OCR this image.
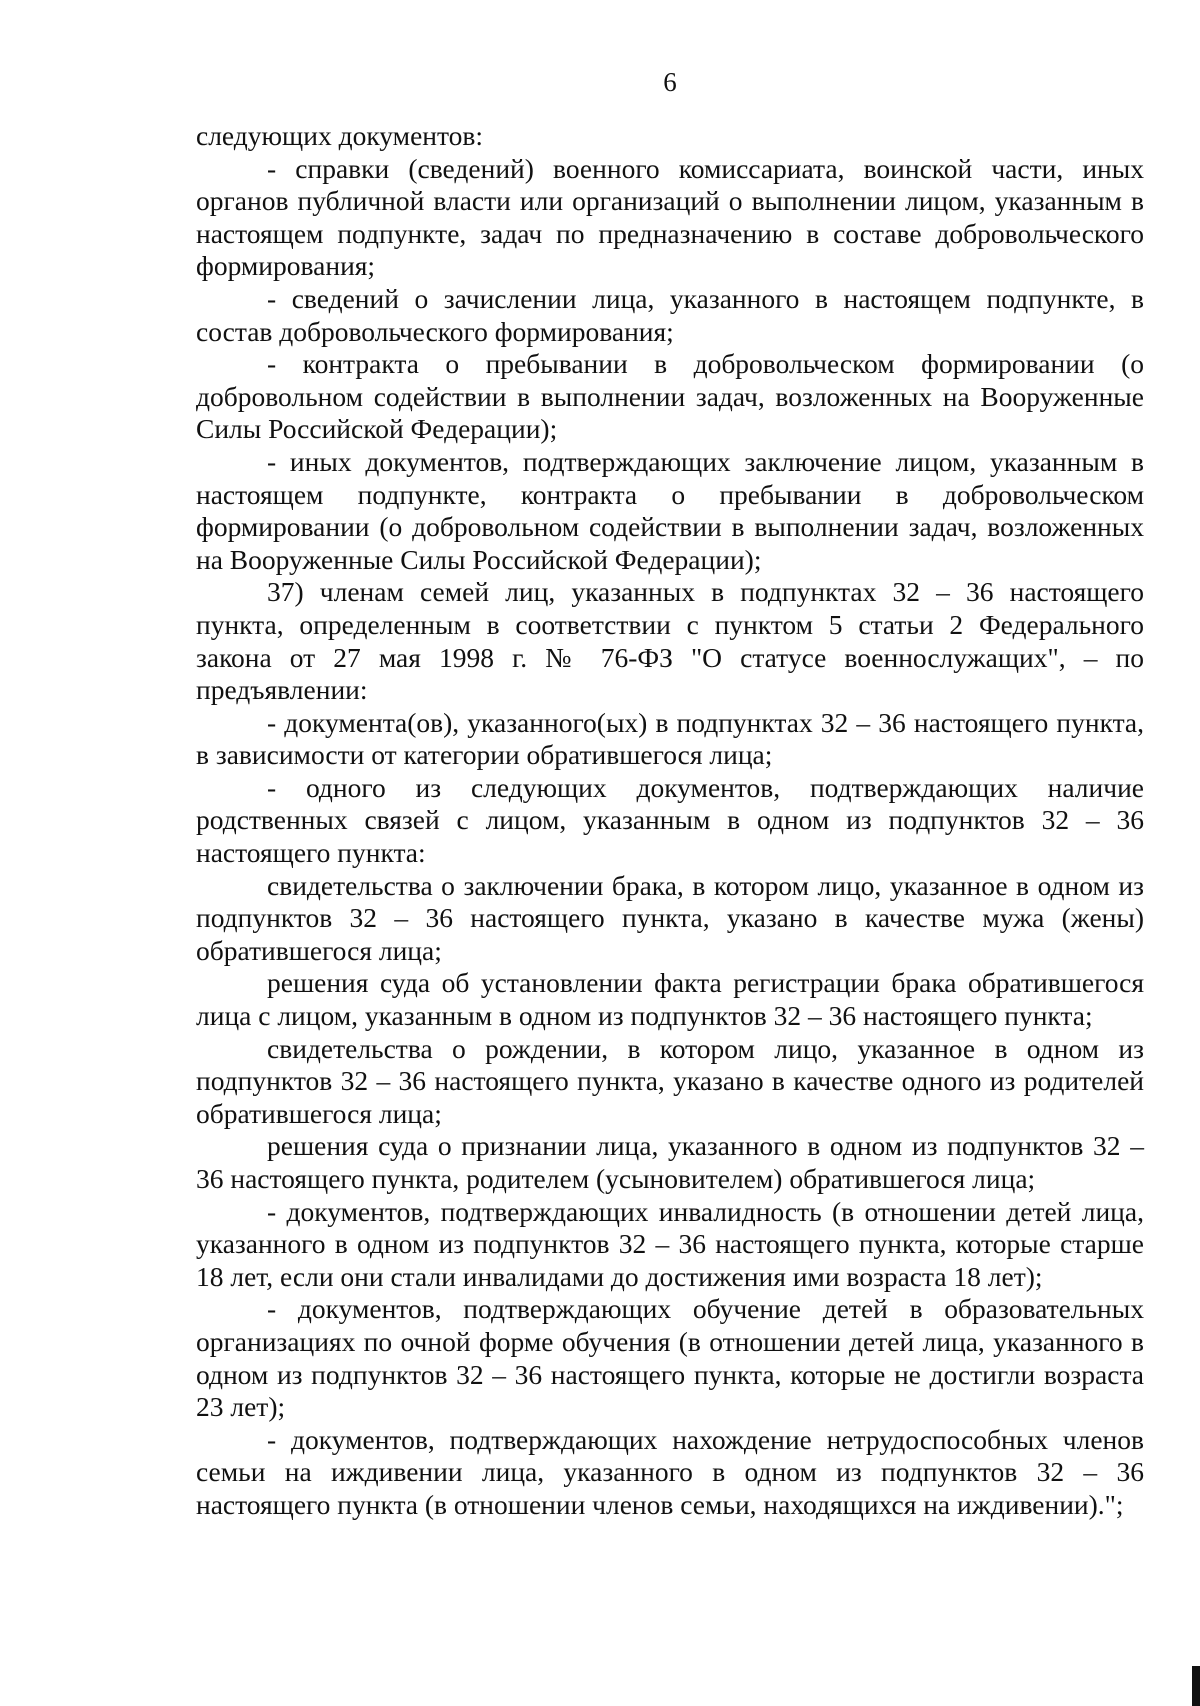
6

следующих документов:

- справки (сведений) военного комиссариата, воинской части, иных органов публичной власти или организаций о выполнении лицом, указанным в настоящем подпункте, задач по предназначению в составе добровольческого формирования;

- сведений о зачислении лица, указанного в настоящем подпункте, в состав добровольческого формирования;

- контракта о пребывании в добровольческом формировании (о добровольном содействии в выполнении задач, возложенных на Вооруженные Силы Российской Федерации);

- иных документов, подтверждающих заключение лицом, указанным в настоящем подпункте, контракта о пребывании в добровольческом формировании (о добровольном содействии в выполнении задач, возложенных на Вооруженные Силы Российской Федерации);

37) членам семей лиц, указанных в подпунктах 32 – 36 настоящего пункта, определенным в соответствии с пунктом 5 статьи 2 Федерального закона от 27 мая 1998 г. № 76-ФЗ "О статусе военнослужащих", – по предъявлении:

- документа(ов), указанного(ых) в подпунктах 32 – 36 настоящего пункта, в зависимости от категории обратившегося лица;

- одного из следующих документов, подтверждающих наличие родственных связей с лицом, указанным в одном из подпунктов 32 – 36 настоящего пункта:

свидетельства о заключении брака, в котором лицо, указанное в одном из подпунктов 32 – 36 настоящего пункта, указано в качестве мужа (жены) обратившегося лица;

решения суда об установлении факта регистрации брака обратившегося лица с лицом, указанным в одном из подпунктов 32 – 36 настоящего пункта;

свидетельства о рождении, в котором лицо, указанное в одном из подпунктов 32 – 36 настоящего пункта, указано в качестве одного из родителей обратившегося лица;

решения суда о признании лица, указанного в одном из подпунктов 32 – 36 настоящего пункта, родителем (усыновителем) обратившегося лица;

- документов, подтверждающих инвалидность (в отношении детей лица, указанного в одном из подпунктов 32 – 36 настоящего пункта, которые старше 18 лет, если они стали инвалидами до достижения ими возраста 18 лет);

- документов, подтверждающих обучение детей в образовательных организациях по очной форме обучения (в отношении детей лица, указанного в одном из подпунктов 32 – 36 настоящего пункта, которые не достигли возраста 23 лет);

- документов, подтверждающих нахождение нетрудоспособных членов семьи на иждивении лица, указанного в одном из подпунктов 32 – 36 настоящего пункта (в отношении членов семьи, находящихся на иждивении).";
